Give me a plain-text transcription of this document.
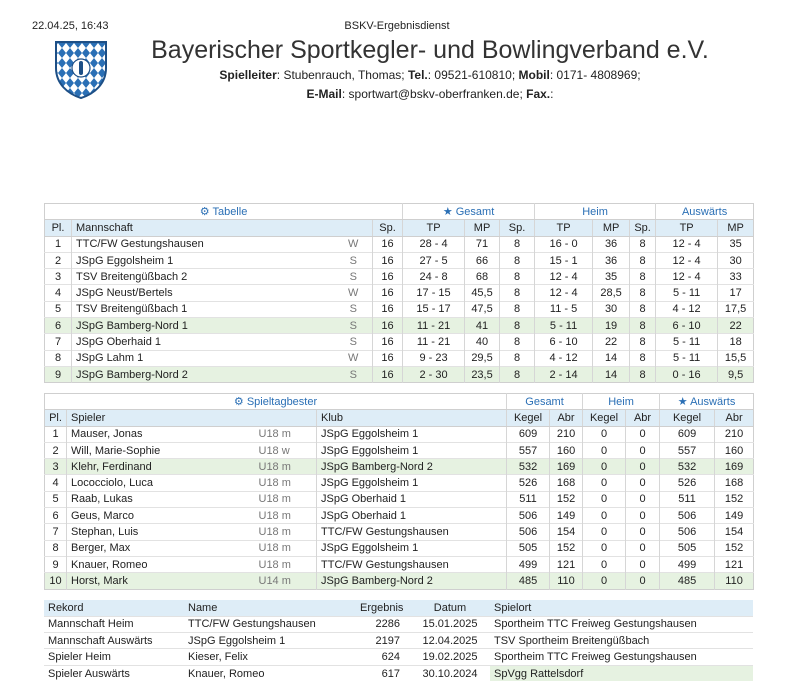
22.04.25, 16:43	BSKV-Ergebnisdienst
Bayerischer Sportkegler- und Bowlingverband e.V.
Spielleiter: Stubenrauch, Thomas; Tel.: 09521-610810; Mobil: 0171- 4808969;
E-Mail: sportwart@bskv-oberfranken.de; Fax.:
⚙ Tabelle				★ Gesamt			Heim			Auswärts	
Pl.	Mannschaft		Sp.	TP	MP	Sp.	TP	MP	Sp.	TP	MP
1	TTC/FW Gestungshausen	W	16	28 - 4	71	8	16 - 0	36	8	12 - 4	35
2	JSpG Eggolsheim 1	S	16	27 - 5	66	8	15 - 1	36	8	12 - 4	30
3	TSV Breitengüßbach 2	S	16	24 - 8	68	8	12 - 4	35	8	12 - 4	33
4	JSpG Neust/Bertels	W	16	17 - 15	45,5	8	12 - 4	28,5	8	5 - 11	17
5	TSV Breitengüßbach 1	S	16	15 - 17	47,5	8	11 - 5	30	8	4 - 12	17,5
6	JSpG Bamberg-Nord 1	S	16	11 - 21	41	8	5 - 11	19	8	6 - 10	22
7	JSpG Oberhaid 1	S	16	11 - 21	40	8	6 - 10	22	8	5 - 11	18
8	JSpG Lahm 1	W	16	9 - 23	29,5	8	4 - 12	14	8	5 - 11	15,5
9	JSpG Bamberg-Nord 2	S	16	2 - 30	23,5	8	2 - 14	14	8	0 - 16	9,5
⚙ Spieltagbester				Gesamt		Heim		★ Auswärts	
Pl.	Spieler		Klub	Kegel	Abr	Kegel	Abr	Kegel	Abr
1	Mauser, Jonas	U18 m	JSpG Eggolsheim 1	609	210	0	0	609	210
2	Will, Marie-Sophie	U18 w	JSpG Eggolsheim 1	557	160	0	0	557	160
3	Klehr, Ferdinand	U18 m	JSpG Bamberg-Nord 2	532	169	0	0	532	169
4	Lococciolo, Luca	U18 m	JSpG Eggolsheim 1	526	168	0	0	526	168
5	Raab, Lukas	U18 m	JSpG Oberhaid 1	511	152	0	0	511	152
6	Geus, Marco	U18 m	JSpG Oberhaid 1	506	149	0	0	506	149
7	Stephan, Luis	U18 m	TTC/FW Gestungshausen	506	154	0	0	506	154
8	Berger, Max	U18 m	JSpG Eggolsheim 1	505	152	0	0	505	152
9	Knauer, Romeo	U18 m	TTC/FW Gestungshausen	499	121	0	0	499	121
10	Horst, Mark	U14 m	JSpG Bamberg-Nord 2	485	110	0	0	485	110
Rekord	Name	Ergebnis	Datum	Spielort
Mannschaft Heim	TTC/FW Gestungshausen	2286	15.01.2025	Sportheim TTC Freiweg Gestungshausen
Mannschaft Auswärts	JSpG Eggolsheim 1	2197	12.04.2025	TSV Sportheim Breitengüßbach
Spieler Heim	Kieser, Felix	624	19.02.2025	Sportheim TTC Freiweg Gestungshausen
Spieler Auswärts	Knauer, Romeo	617	30.10.2024	SpVgg Rattelsdorf
